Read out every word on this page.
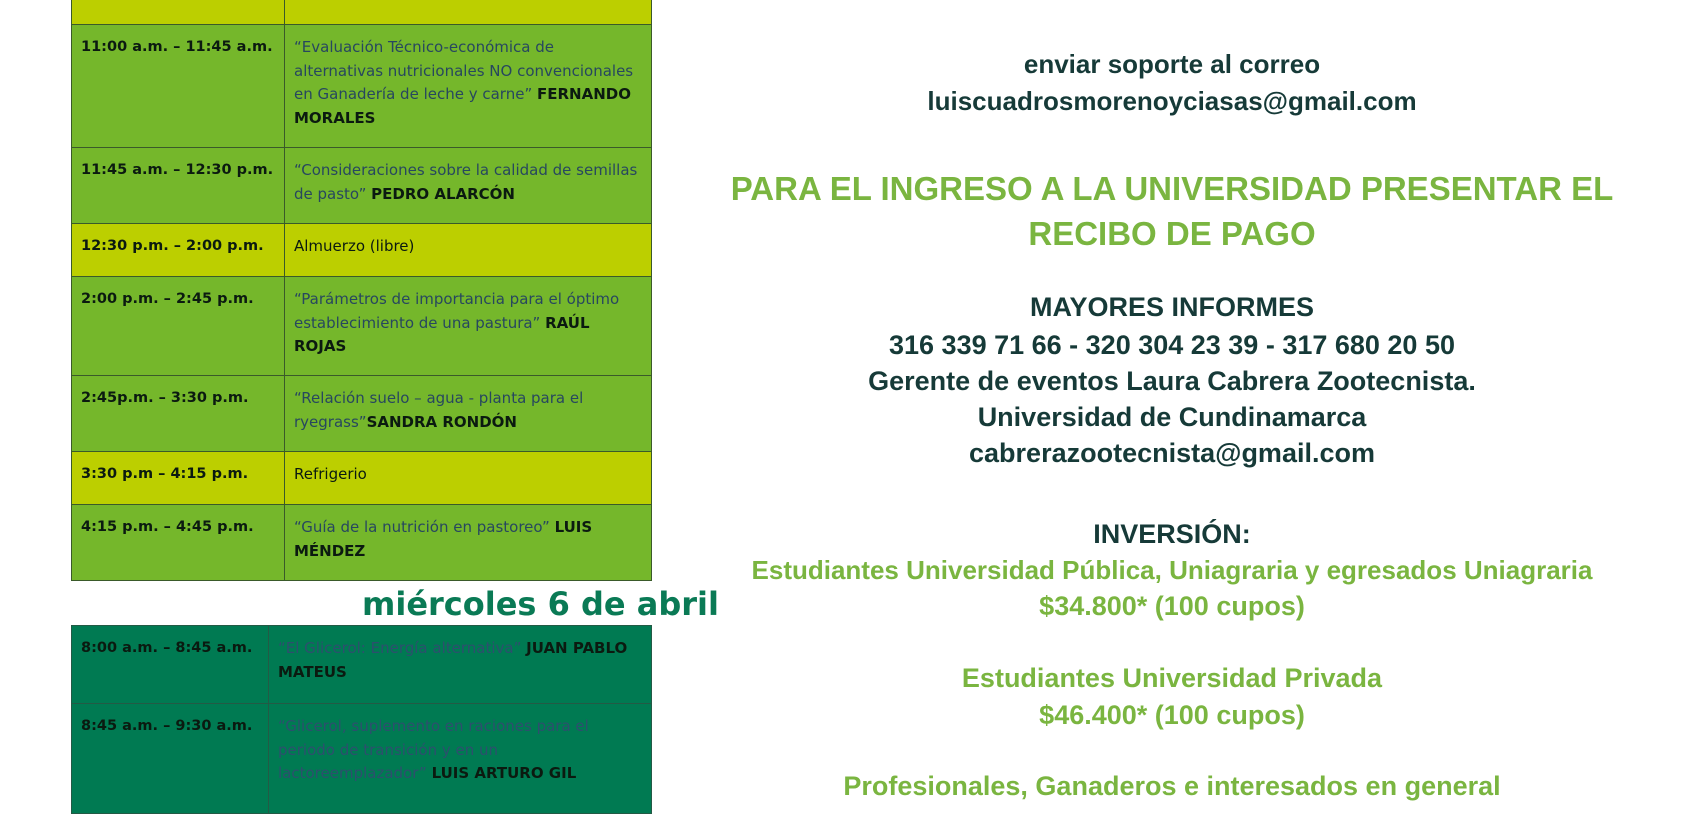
11:00 a.m. – 11:45 a.m.	“Evaluación Técnico-económica de alternativas nutricionales NO convencionales en Ganadería de leche y carne” FERNANDO MORALES
11:45 a.m. – 12:30 p.m.	“Consideraciones sobre la calidad de semillas de pasto” PEDRO ALARCÓN
12:30 p.m. – 2:00 p.m.	Almuerzo (libre)
2:00 p.m. – 2:45 p.m.	“Parámetros de importancia para el óptimo establecimiento de una pastura” RAÚL ROJAS
2:45p.m. – 3:30 p.m.	“Relación suelo – agua - planta para el ryegrass”SANDRA RONDÓN
3:30 p.m – 4:15 p.m.	Refrigerio
4:15 p.m. – 4:45 p.m.	“Guía de la nutrición en pastoreo” LUIS MÉNDEZ
miércoles 6 de abril
8:00 a.m. – 8:45 a.m.	“El Glicerol: Energía alternativa” JUAN PABLO MATEUS
8:45 a.m. – 9:30 a.m.	“Glicerol, suplemento en raciones para el periodo de transición y en un lactoreemplazador” LUIS ARTURO GIL

enviar soporte al correo

luiscuadrosmorenoyciasas@gmail.com

PARA EL INGRESO A LA UNIVERSIDAD PRESENTAR EL

RECIBO DE PAGO

MAYORES INFORMES

316 339 71 66 - 320 304 23 39 - 317 680 20 50

Gerente de eventos Laura Cabrera Zootecnista.

Universidad de Cundinamarca

cabrerazootecnista@gmail.com

INVERSIÓN:

Estudiantes Universidad Pública, Uniagraria y egresados Uniagraria

$34.800* (100 cupos)

Estudiantes Universidad Privada

$46.400* (100 cupos)

Profesionales, Ganaderos e interesados en general
